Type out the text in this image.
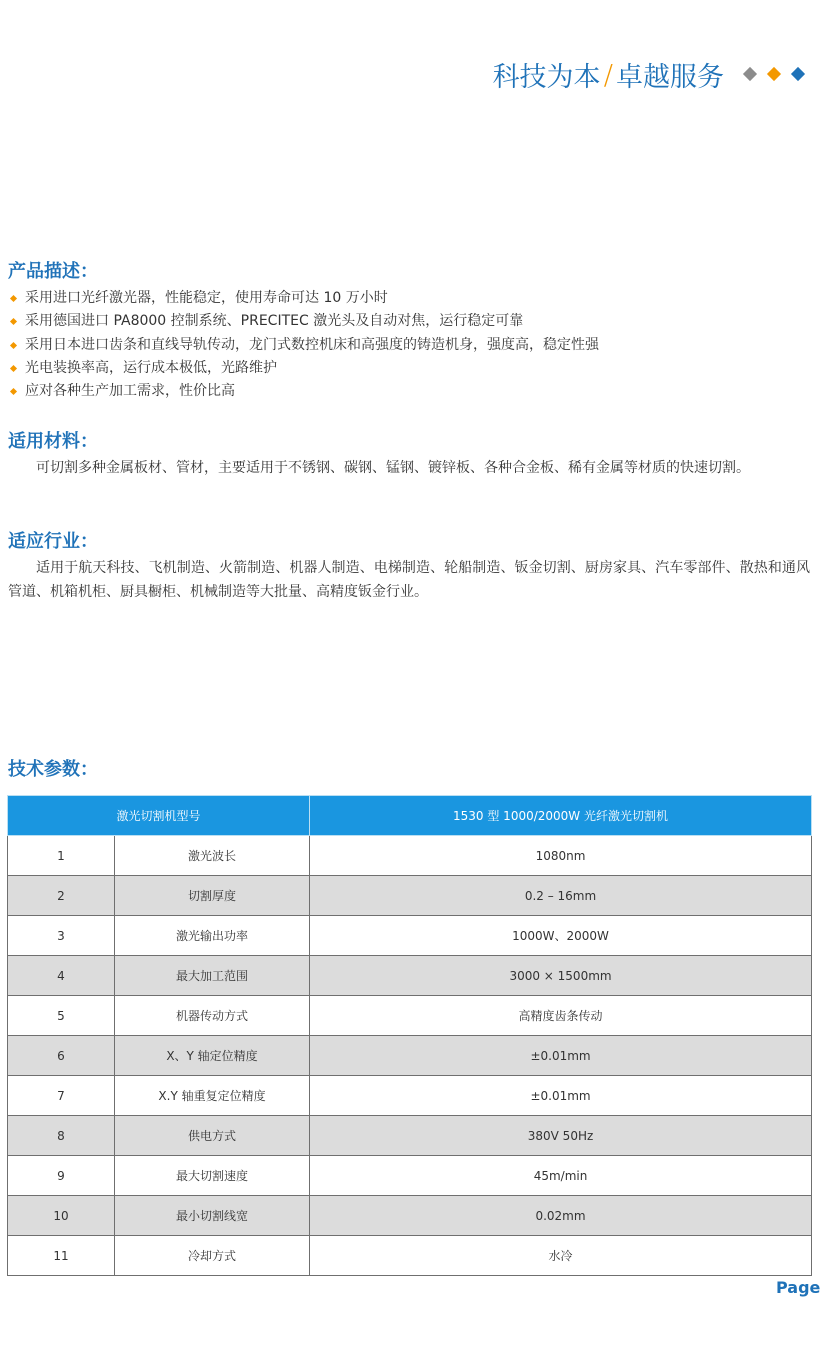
科技为本 / 卓越服务
产品描述：
采用进口光纤激光器，性能稳定，使用寿命可达 10 万小时
采用德国进口 PA8000 控制系统、PRECITEC 激光头及自动对焦，运行稳定可靠
采用日本进口齿条和直线导轨传动，龙门式数控机床和高强度的铸造机身，强度高，稳定性强
光电装换率高，运行成本极低，光路维护
应对各种生产加工需求，性价比高
适用材料：

可切割多种金属板材、管材，主要适用于不锈钢、碳钢、锰钢、镀锌板、各种合金板、稀有金属等材质的快速切割。

适应行业：

适用于航天科技、飞机制造、火箭制造、机器人制造、电梯制造、轮船制造、钣金切割、厨房家具、汽车零部件、散热和通风管道、机箱机柜、厨具橱柜、机械制造等大批量、高精度钣金行业。

技术参数：
激光切割机型号		1530 型 1000/2000W 光纤激光切割机
1	激光波长	1080nm
2	切割厚度	0.2 – 16mm
3	激光输出功率	1000W、2000W
4	最大加工范围	3000 × 1500mm
5	机器传动方式	高精度齿条传动
6	X、Y 轴定位精度	±0.01mm
7	X.Y 轴重复定位精度	±0.01mm
8	供电方式	380V 50Hz
9	最大切割速度	45m/min
10	最小切割线宽	0.02mm
11	冷却方式	水冷
Page
